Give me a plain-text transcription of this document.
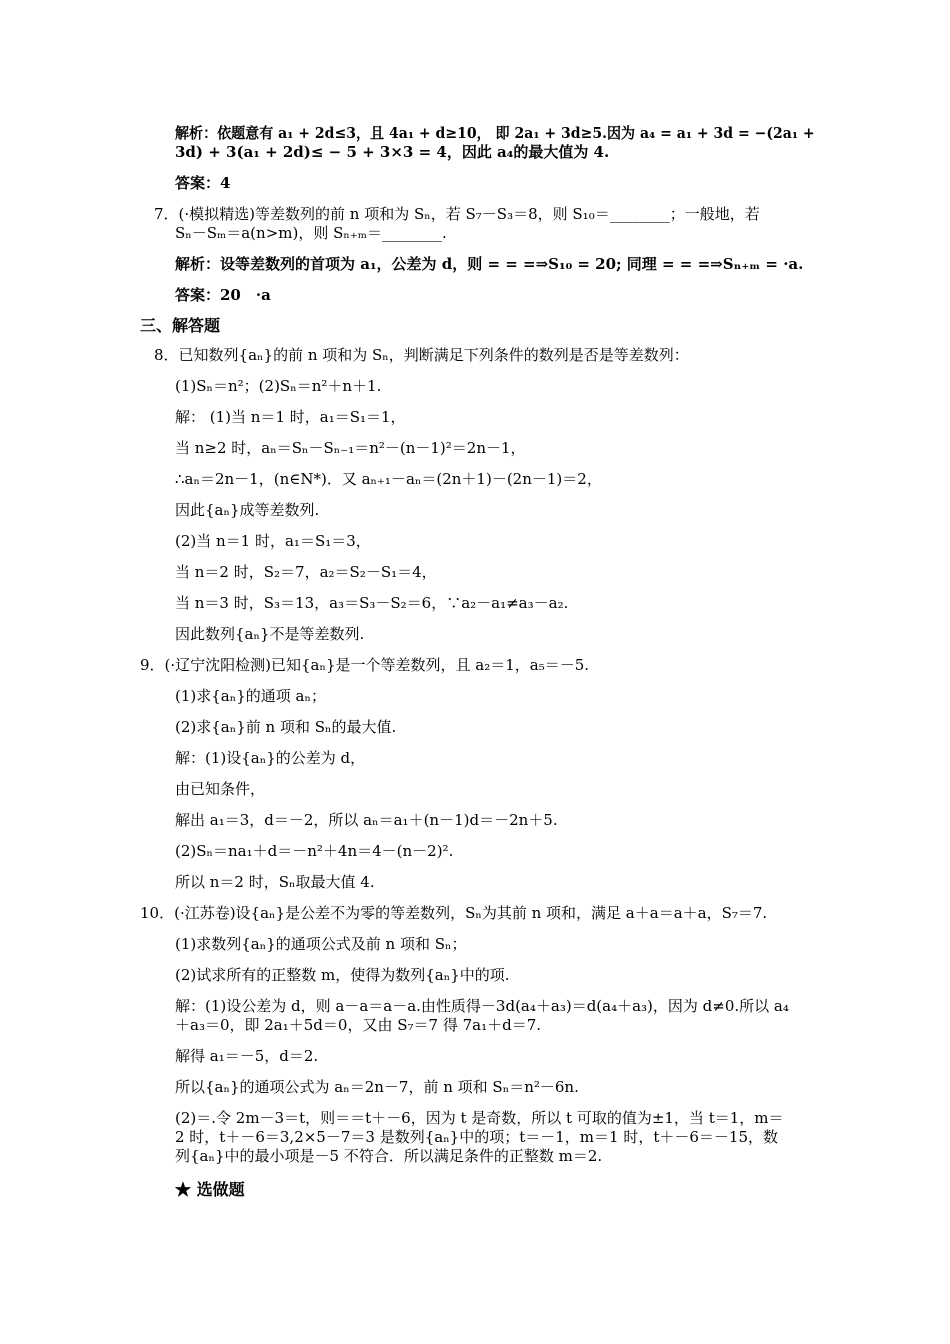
解析：依题意有 a₁ + 2d≤3，且 4a₁ + d≥10， 即 2a₁ + 3d≥5.因为 a₄ = a₁ + 3d = −(2a₁ +
3d) + 3(a₁ + 2d)≤ − 5 + 3×3 = 4，因此 a₄的最大值为 4.
答案：4
7．(·模拟精选)等差数列的前 n 项和为 Sₙ，若 S₇－S₃＝8，则 S₁₀＝________；一般地，若
Sₙ－Sₘ＝a(n>m)，则 Sₙ₊ₘ＝________.
解析：设等差数列的首项为 a₁，公差为 d，则 = = =⇒S₁₀ = 20; 同理 = = =⇒Sₙ₊ₘ = ·a.
答案：20　·a
三、解答题
8．已知数列{aₙ}的前 n 项和为 Sₙ，判断满足下列条件的数列是否是等差数列：
(1)Sₙ＝n²；(2)Sₙ＝n²＋n＋1.
解： (1)当 n＝1 时，a₁＝S₁＝1，
当 n≥2 时，aₙ＝Sₙ－Sₙ₋₁＝n²－(n－1)²＝2n－1，
∴aₙ＝2n－1，(n∈N*)．又 aₙ₊₁－aₙ＝(2n＋1)－(2n－1)＝2，
因此{aₙ}成等差数列.
(2)当 n＝1 时，a₁＝S₁＝3，
当 n＝2 时，S₂＝7，a₂＝S₂－S₁＝4，
当 n＝3 时，S₃＝13，a₃＝S₃－S₂＝6，∵a₂－a₁≠a₃－a₂.
因此数列{aₙ}不是等差数列.
9．(·辽宁沈阳检测)已知{aₙ}是一个等差数列，且 a₂＝1，a₅＝－5.
(1)求{aₙ}的通项 aₙ；
(2)求{aₙ}前 n 项和 Sₙ的最大值.
解：(1)设{aₙ}的公差为 d，
由已知条件，
解出 a₁＝3，d＝－2，所以 aₙ＝a₁＋(n－1)d＝－2n＋5.
(2)Sₙ＝na₁＋d＝－n²＋4n＝4－(n－2)².
所以 n＝2 时，Sₙ取最大值 4.
10．(·江苏卷)设{aₙ}是公差不为零的等差数列，Sₙ为其前 n 项和，满足 a＋a＝a＋a，S₇＝7.
(1)求数列{aₙ}的通项公式及前 n 项和 Sₙ；
(2)试求所有的正整数 m，使得为数列{aₙ}中的项.
解：(1)设公差为 d，则 a－a＝a－a.由性质得－3d(a₄＋a₃)＝d(a₄＋a₃)，因为 d≠0.所以 a₄
＋a₃＝0，即 2a₁＋5d＝0，又由 S₇＝7 得 7a₁＋d＝7.
解得 a₁＝－5，d＝2.
所以{aₙ}的通项公式为 aₙ＝2n－7，前 n 项和 Sₙ＝n²－6n.
(2)＝.令 2m－3＝t，则＝＝t＋－6，因为 t 是奇数，所以 t 可取的值为±1，当 t＝1，m＝
2 时，t＋－6＝3,2×5－7＝3 是数列{aₙ}中的项；t＝－1，m＝1 时，t＋－6＝－15，数
列{aₙ}中的最小项是－5 不符合．所以满足条件的正整数 m＝2.
★ 选做题
